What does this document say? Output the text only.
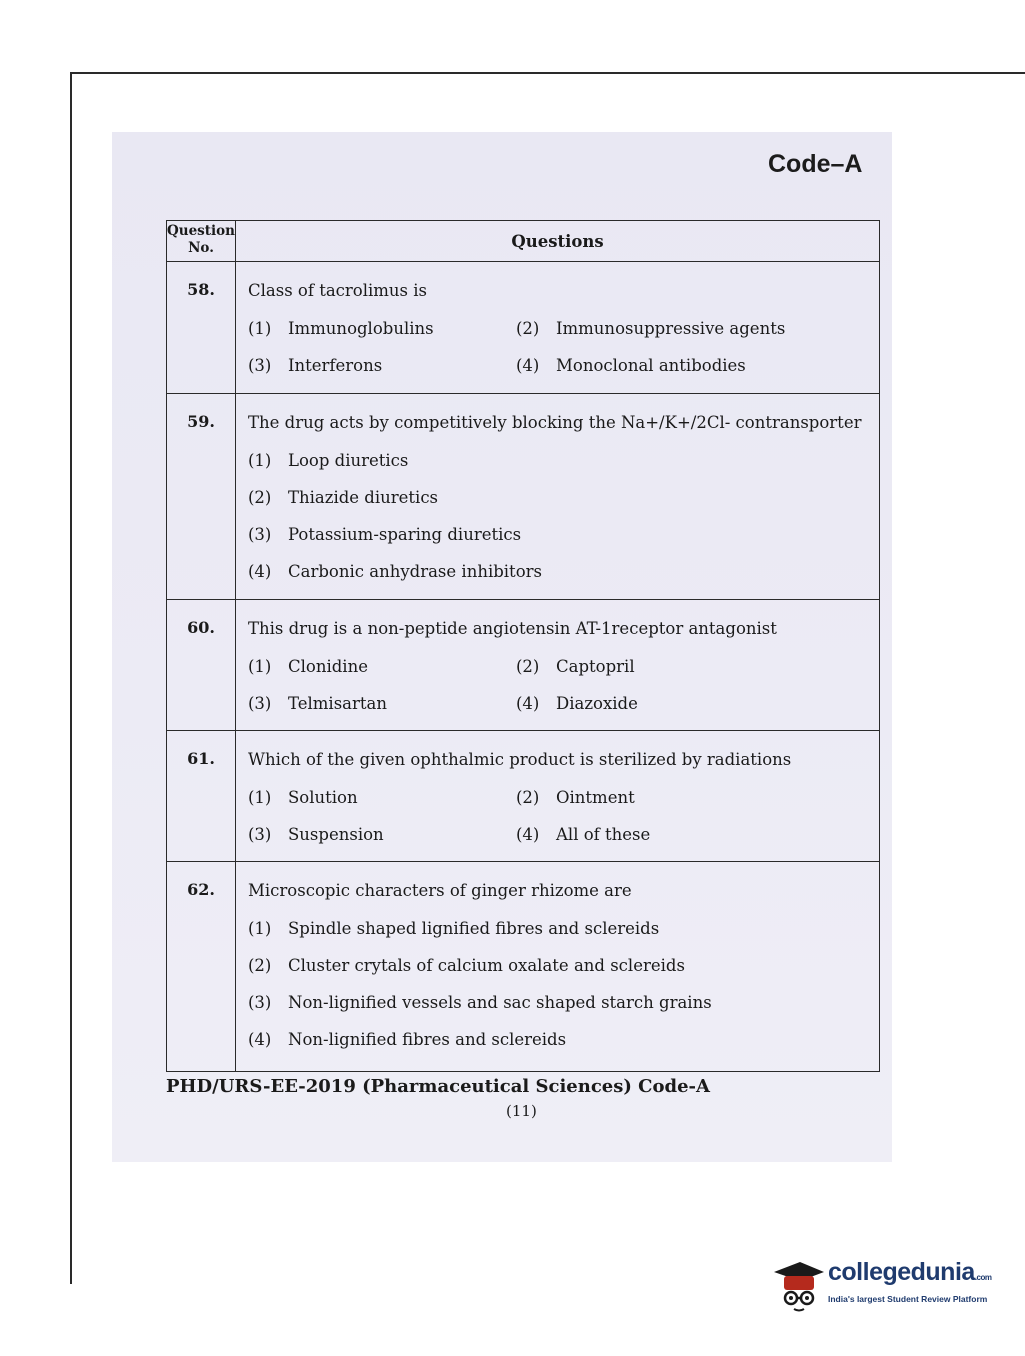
Code–A
Question No.	Questions
58.	Class of tacrolimus is
(1) Immunoglobulins (2) Immunosuppressive agents
(3) Interferons (4) Monoclonal antibodies

59.	The drug acts by competitively blocking the Na+/K+/2Cl- contransporter
(1) Loop diuretics
(2) Thiazide diuretics
(3) Potassium-sparing diuretics
(4) Carbonic anhydrase inhibitors

60.	This drug is a non-peptide angiotensin AT-1receptor antagonist
(1) Clonidine (2) Captopril
(3) Telmisartan (4) Diazoxide

61.	Which of the given ophthalmic product is sterilized by radiations
(1) Solution (2) Ointment
(3) Suspension (4) All of these

62.	Microscopic characters of ginger rhizome are
(1) Spindle shaped lignified fibres and sclereids
(2) Cluster crytals of calcium oxalate and sclereids
(3) Non-lignified vessels and sac shaped starch grains
(4) Non-lignified fibres and sclereids
PHD/URS-EE-2019 (Pharmaceutical Sciences) Code-A
(11)
collegedunia.com
India's largest Student Review Platform
